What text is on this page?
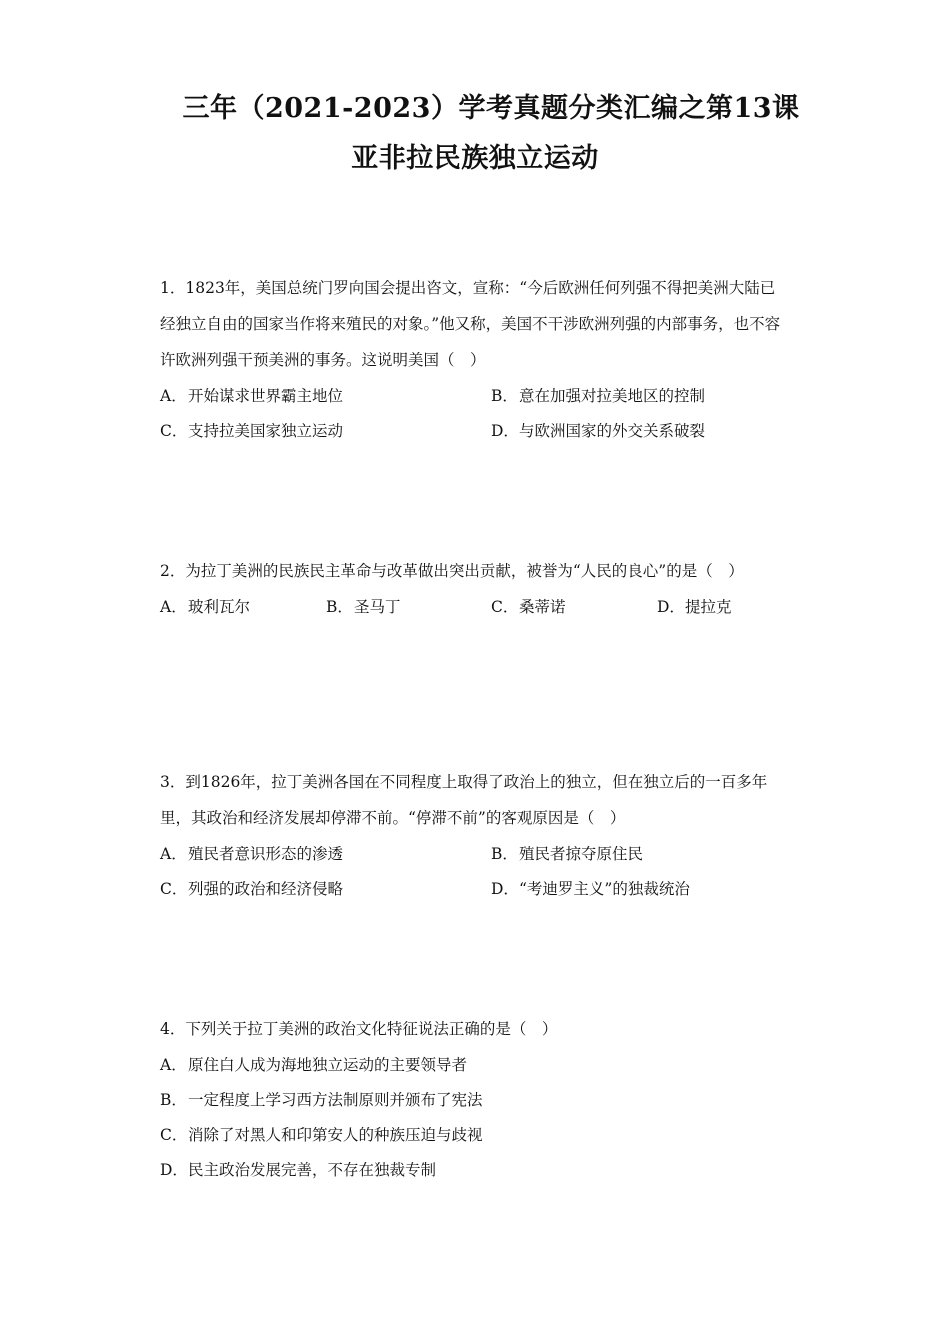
三年（2021-2023）学考真题分类汇编之第13课
亚非拉民族独立运动

1．1823年，美国总统门罗向国会提出咨文，宣称：“今后欧洲任何列强不得把美洲大陆已经独立自由的国家当作将来殖民的对象。”他又称，美国不干涉欧洲列强的内部事务，也不容许欧洲列强干预美洲的事务。这说明美国（　）

A．开始谋求世界霸主地位	B．意在加强对拉美地区的控制
C．支持拉美国家独立运动	D．与欧洲国家的外交关系破裂

2．为拉丁美洲的民族民主革命与改革做出突出贡献，被誉为“人民的良心”的是（　）

A．玻利瓦尔	B．圣马丁	C．桑蒂诺	D．提拉克

3．到1826年，拉丁美洲各国在不同程度上取得了政治上的独立，但在独立后的一百多年里，其政治和经济发展却停滞不前。“停滞不前”的客观原因是（　）

A．殖民者意识形态的渗透	B．殖民者掠夺原住民
C．列强的政治和经济侵略	D．“考迪罗主义”的独裁统治

4．下列关于拉丁美洲的政治文化特征说法正确的是（　）

A．原住白人成为海地独立运动的主要领导者
B．一定程度上学习西方法制原则并颁布了宪法
C．消除了对黑人和印第安人的种族压迫与歧视
D．民主政治发展完善，不存在独裁专制
